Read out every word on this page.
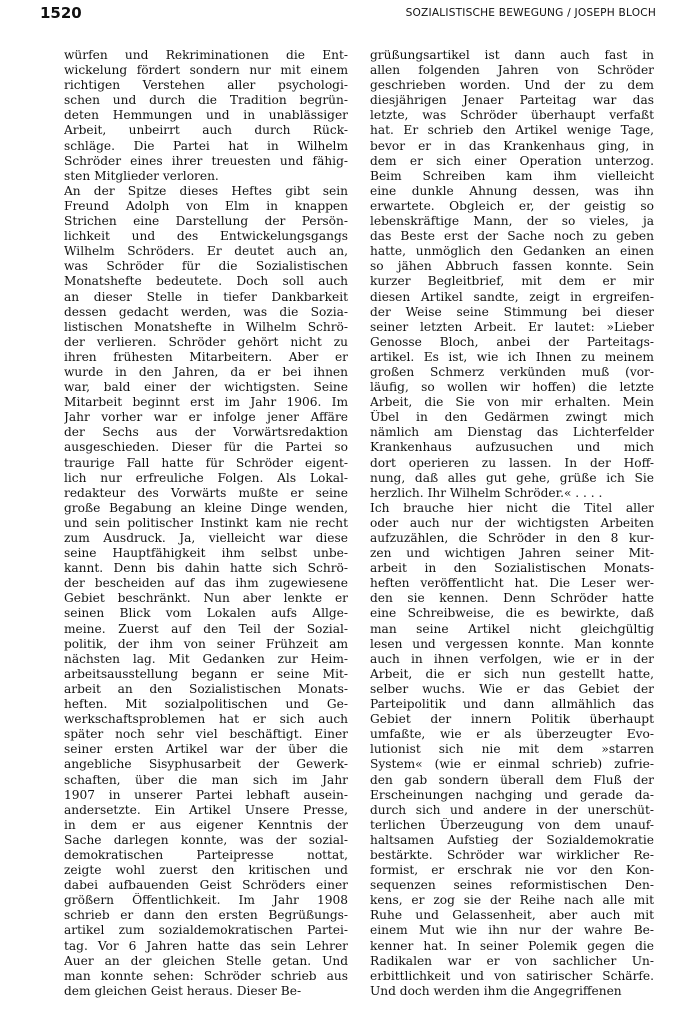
1520	SOZIALISTISCHE BEWEGUNG / JOSEPH BLOCH
würfen und Rekriminationen die Ent-
wickelung fördert sondern nur mit einem
richtigen Verstehen aller psychologi-
schen und durch die Tradition begrün-
deten Hemmungen und in unablässiger
Arbeit, unbeirrt auch durch Rück-
schläge. Die Partei hat in Wilhelm
Schröder eines ihrer treuesten und fähig-
sten Mitglieder verloren.
An der Spitze dieses Heftes gibt sein
Freund Adolph von Elm in knappen
Strichen eine Darstellung der Persön-
lichkeit und des Entwickelungsgangs
Wilhelm Schröders. Er deutet auch an,
was Schröder für die Sozialistischen
Monatshefte bedeutete. Doch soll auch
an dieser Stelle in tiefer Dankbarkeit
dessen gedacht werden, was die Sozia-
listischen Monatshefte in Wilhelm Schrö-
der verlieren. Schröder gehört nicht zu
ihren frühesten Mitarbeitern. Aber er
wurde in den Jahren, da er bei ihnen
war, bald einer der wichtigsten. Seine
Mitarbeit beginnt erst im Jahr 1906. Im
Jahr vorher war er infolge jener Affäre
der Sechs aus der Vorwärtsredaktion
ausgeschieden. Dieser für die Partei so
traurige Fall hatte für Schröder eigent-
lich nur erfreuliche Folgen. Als Lokal-
redakteur des Vorwärts mußte er seine
große Begabung an kleine Dinge wenden,
und sein politischer Instinkt kam nie recht
zum Ausdruck. Ja, vielleicht war diese
seine Hauptfähigkeit ihm selbst unbe-
kannt. Denn bis dahin hatte sich Schrö-
der bescheiden auf das ihm zugewiesene
Gebiet beschränkt. Nun aber lenkte er
seinen Blick vom Lokalen aufs Allge-
meine. Zuerst auf den Teil der Sozial-
politik, der ihm von seiner Frühzeit am
nächsten lag. Mit Gedanken zur Heim-
arbeitsausstellung begann er seine Mit-
arbeit an den Sozialistischen Monats-
heften. Mit sozialpolitischen und Ge-
werkschaftsproblemen hat er sich auch
später noch sehr viel beschäftigt. Einer
seiner ersten Artikel war der über die
angebliche Sisyphusarbeit der Gewerk-
schaften, über die man sich im Jahr
1907 in unserer Partei lebhaft ausein-
andersetzte. Ein Artikel Unsere Presse,
in dem er aus eigener Kenntnis der
Sache darlegen konnte, was der sozial-
demokratischen Parteipresse nottat,
zeigte wohl zuerst den kritischen und
dabei aufbauenden Geist Schröders einer
größern Öffentlichkeit. Im Jahr 1908
schrieb er dann den ersten Begrüßungs-
artikel zum sozialdemokratischen Partei-
tag. Vor 6 Jahren hatte das sein Lehrer
Auer an der gleichen Stelle getan. Und
man konnte sehen: Schröder schrieb aus
dem gleichen Geist heraus. Dieser Be-
grüßungsartikel ist dann auch fast in
allen folgenden Jahren von Schröder
geschrieben worden. Und der zu dem
diesjährigen Jenaer Parteitag war das
letzte, was Schröder überhaupt verfaßt
hat. Er schrieb den Artikel wenige Tage,
bevor er in das Krankenhaus ging, in
dem er sich einer Operation unterzog.
Beim Schreiben kam ihm vielleicht
eine dunkle Ahnung dessen, was ihn
erwartete. Obgleich er, der geistig so
lebenskräftige Mann, der so vieles, ja
das Beste erst der Sache noch zu geben
hatte, unmöglich den Gedanken an einen
so jähen Abbruch fassen konnte. Sein
kurzer Begleitbrief, mit dem er mir
diesen Artikel sandte, zeigt in ergreifen-
der Weise seine Stimmung bei dieser
seiner letzten Arbeit. Er lautet: »Lieber
Genosse Bloch, anbei der Parteitags-
artikel. Es ist, wie ich Ihnen zu meinem
großen Schmerz verkünden muß (vor-
läufig, so wollen wir hoffen) die letzte
Arbeit, die Sie von mir erhalten. Mein
Übel in den Gedärmen zwingt mich
nämlich am Dienstag das Lichterfelder
Krankenhaus aufzusuchen und mich
dort operieren zu lassen. In der Hoff-
nung, daß alles gut gehe, grüße ich Sie
herzlich. Ihr Wilhelm Schröder.« . . . .
Ich brauche hier nicht die Titel aller
oder auch nur der wichtigsten Arbeiten
aufzuzählen, die Schröder in den 8 kur-
zen und wichtigen Jahren seiner Mit-
arbeit in den Sozialistischen Monats-
heften veröffentlicht hat. Die Leser wer-
den sie kennen. Denn Schröder hatte
eine Schreibweise, die es bewirkte, daß
man seine Artikel nicht gleichgültig
lesen und vergessen konnte. Man konnte
auch in ihnen verfolgen, wie er in der
Arbeit, die er sich nun gestellt hatte,
selber wuchs. Wie er das Gebiet der
Parteipolitik und dann allmählich das
Gebiet der innern Politik überhaupt
umfaßte, wie er als überzeugter Evo-
lutionist sich nie mit dem »starren
System« (wie er einmal schrieb) zufrie-
den gab sondern überall dem Fluß der
Erscheinungen nachging und gerade da-
durch sich und andere in der unerschüt-
terlichen Überzeugung von dem unauf-
haltsamen Aufstieg der Sozialdemokratie
bestärkte. Schröder war wirklicher Re-
formist, er erschrak nie vor den Kon-
sequenzen seines reformistischen Den-
kens, er zog sie der Reihe nach alle mit
Ruhe und Gelassenheit, aber auch mit
einem Mut wie ihn nur der wahre Be-
kenner hat. In seiner Polemik gegen die
Radikalen war er von sachlicher Un-
erbittlichkeit und von satirischer Schärfe.
Und doch werden ihm die Angegriffenen
